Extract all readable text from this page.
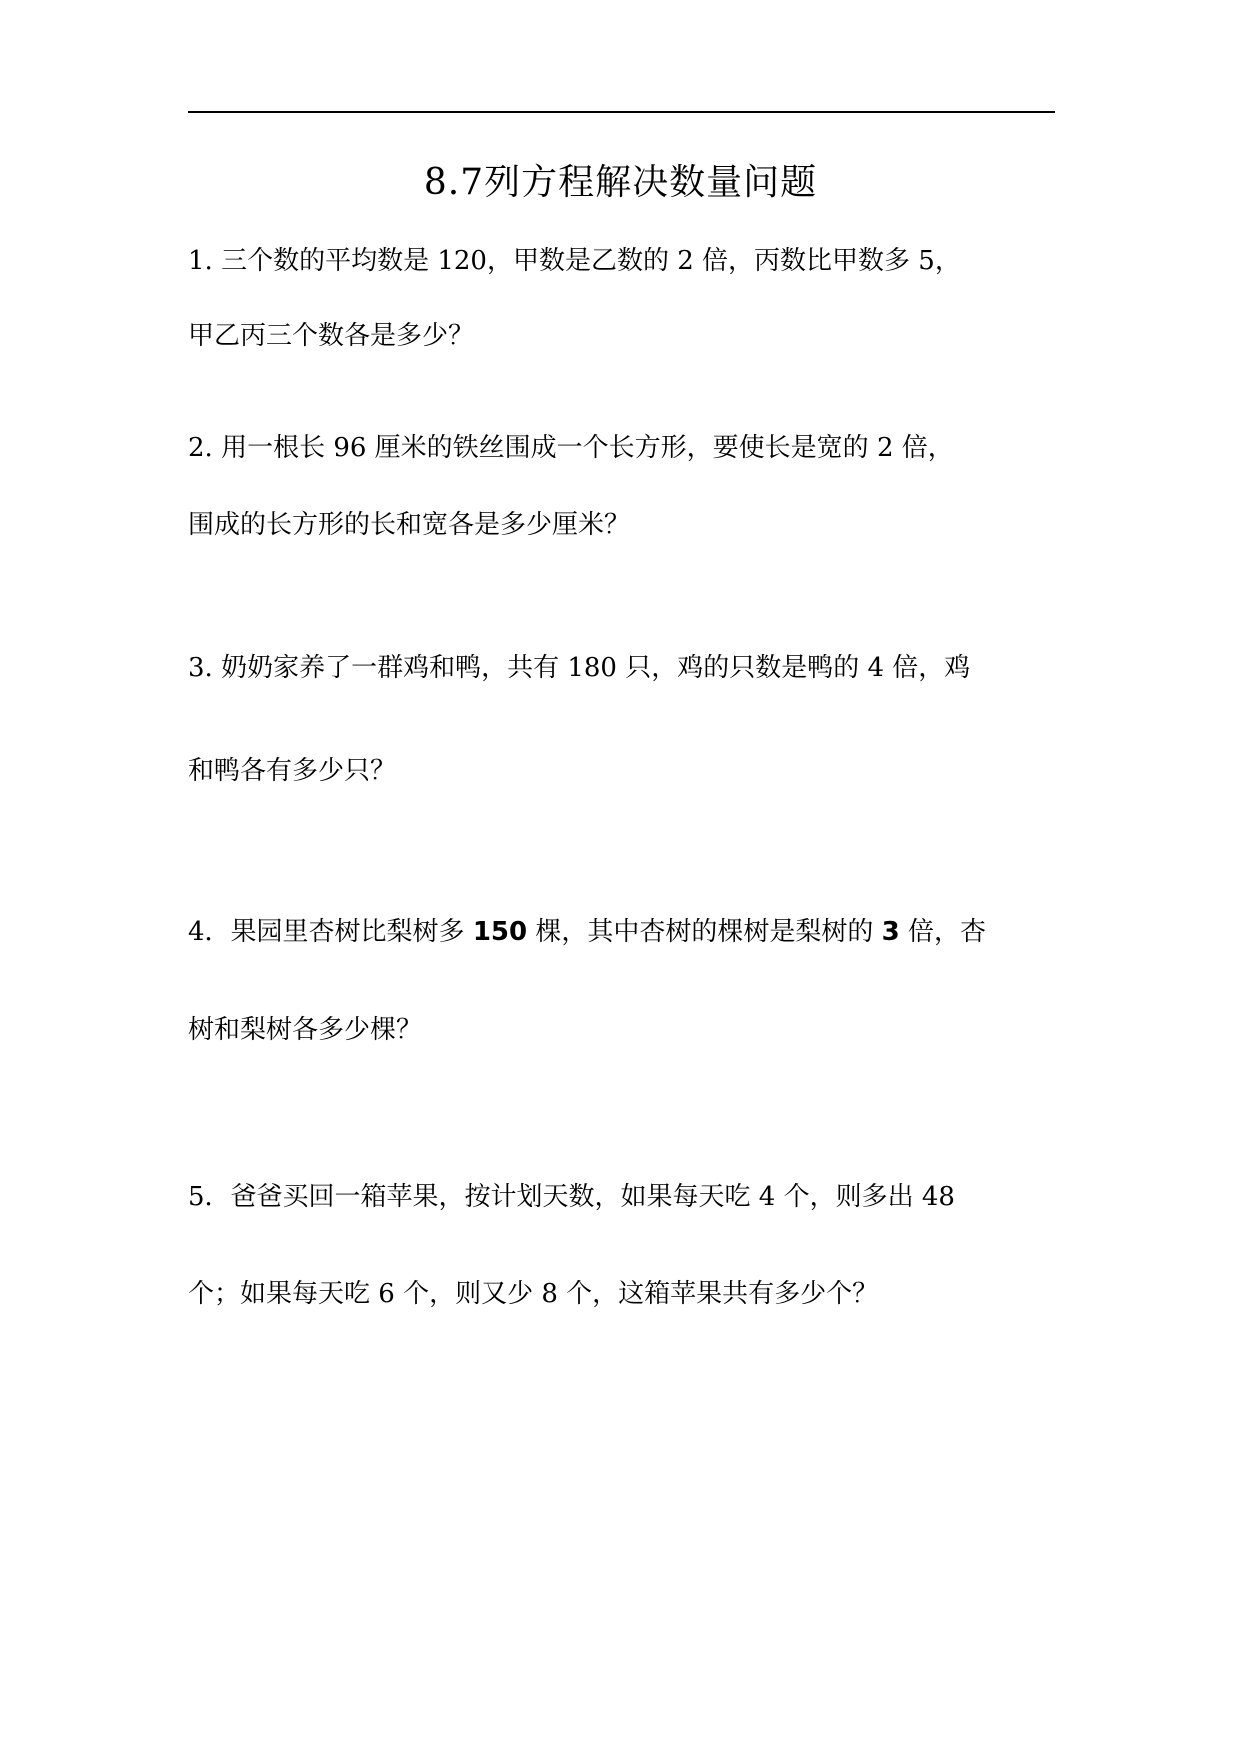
8.7列方程解决数量问题
1. 三个数的平均数是 120，甲数是乙数的 2 倍，丙数比甲数多 5，
甲乙丙三个数各是多少？
2. 用一根长 96 厘米的铁丝围成一个长方形，要使长是宽的 2 倍，
围成的长方形的长和宽各是多少厘米？
3. 奶奶家养了一群鸡和鸭，共有 180 只，鸡的只数是鸭的 4 倍，鸡
和鸭各有多少只？
4．果园里杏树比梨树多 150 棵，其中杏树的棵树是梨树的 3 倍，杏
树和梨树各多少棵？
5．爸爸买回一箱苹果，按计划天数，如果每天吃 4 个，则多出 48
个；如果每天吃 6 个，则又少 8 个，这箱苹果共有多少个？
